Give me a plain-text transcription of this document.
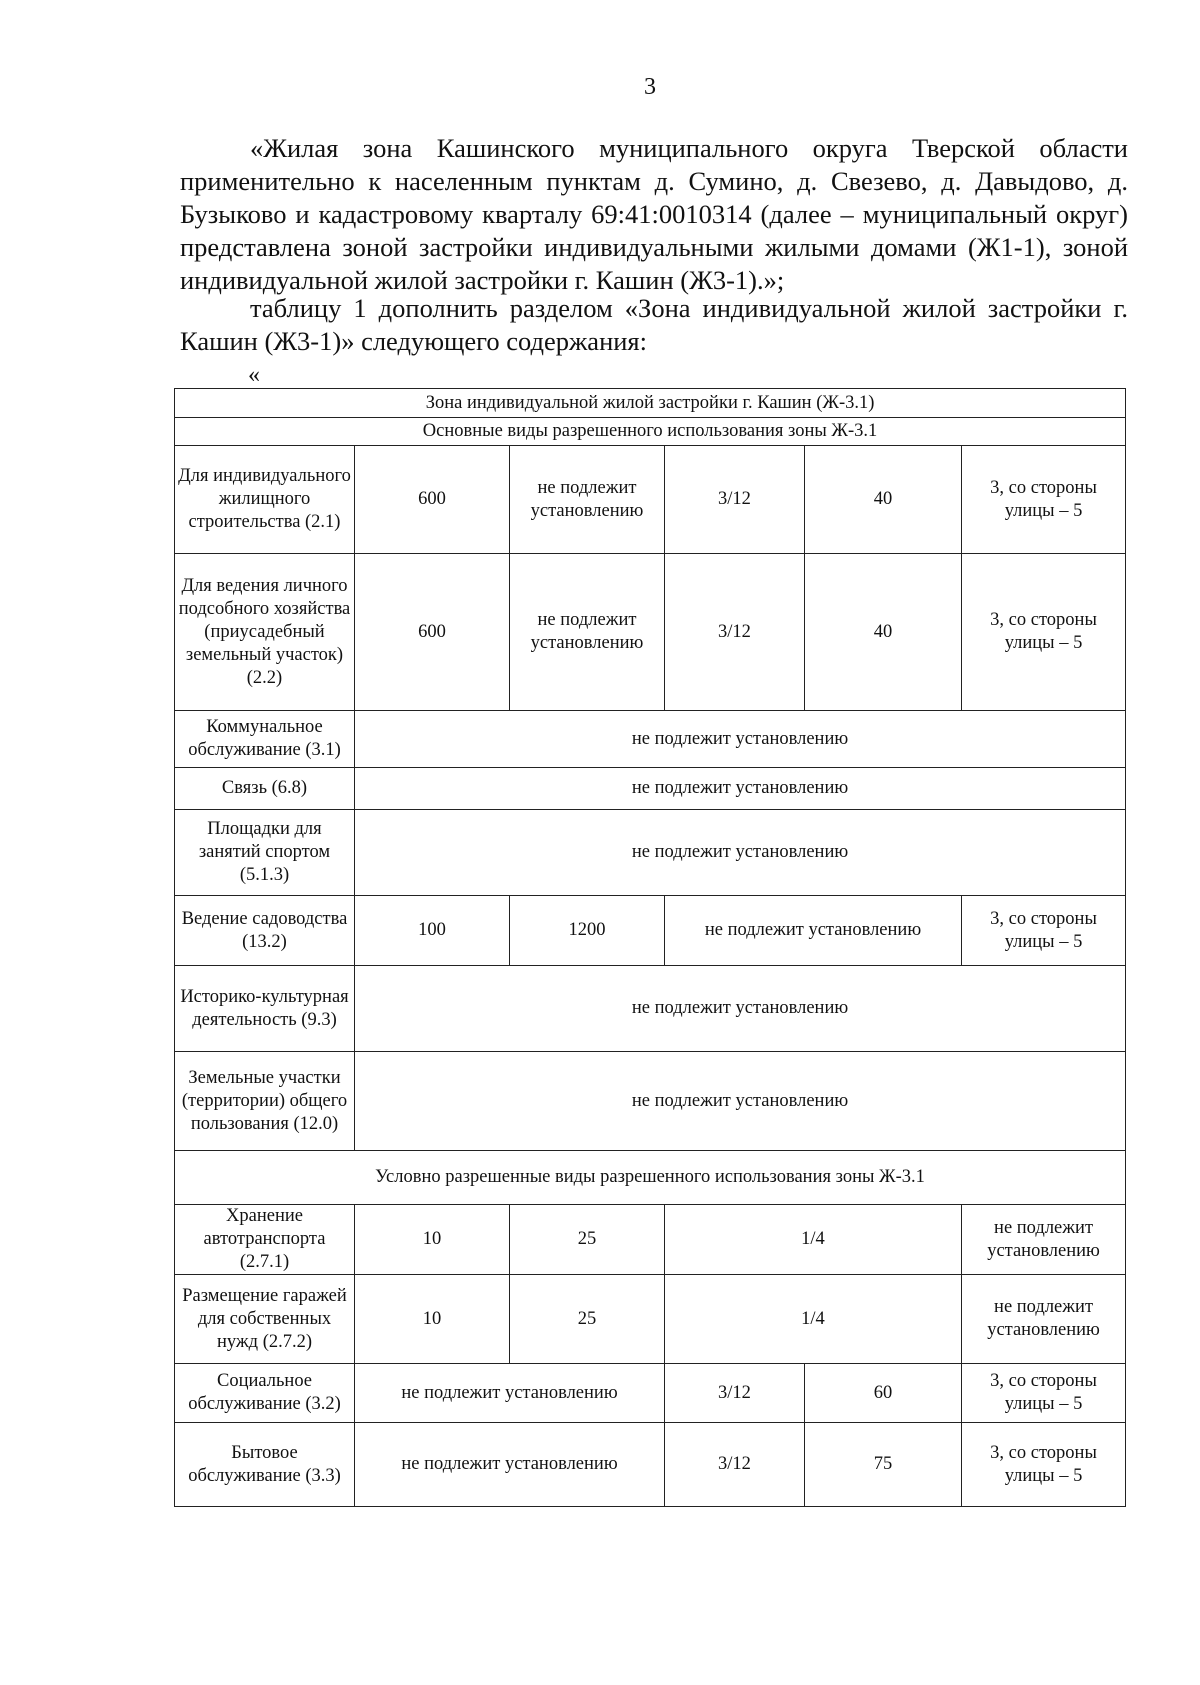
3
«Жилая зона Кашинского муниципального округа Тверской области применительно к населенным пунктам д. Сумино, д. Свезево, д. Давыдово, д. Бузыково и кадастровому кварталу 69:41:0010314 (далее – муниципальный округ) представлена зоной застройки индивидуальными жилыми домами (Ж1-1), зоной индивидуальной жилой застройки г. Кашин (Ж3-1).»;
таблицу 1 дополнить разделом «Зона индивидуальной жилой застройки г. Кашин (Ж3-1)» следующего содержания:
«
Зона индивидуальной жилой застройки г. Кашин (Ж-3.1)					
Основные виды разрешенного использования зоны Ж-3.1					
Для индивидуального жилищного строительства (2.1)	600	не подлежит установлению	3/12	40	3, со стороны улицы – 5
Для ведения личного подсобного хозяйства (приусадебный земельный участок) (2.2)	600	не подлежит установлению	3/12	40	3, со стороны улицы – 5
Коммунальное обслуживание (3.1)	не подлежит установлению				
Связь (6.8)	не подлежит установлению				
Площадки для занятий спортом (5.1.3)	не подлежит установлению				
Ведение садоводства (13.2)	100	1200	не подлежит установлению		3, со стороны улицы – 5
Историко-культурная деятельность (9.3)	не подлежит установлению				
Земельные участки (территории) общего пользования (12.0)	не подлежит установлению				
Условно разрешенные виды разрешенного использования зоны Ж-3.1					
Хранение автотранспорта (2.7.1)	10	25	1/4		не подлежит установлению
Размещение гаражей для собственных нужд (2.7.2)	10	25	1/4		не подлежит установлению
Социальное обслуживание (3.2)	не подлежит установлению		3/12	60	3, со стороны улицы – 5
Бытовое обслуживание (3.3)	не подлежит установлению		3/12	75	3, со стороны улицы – 5
